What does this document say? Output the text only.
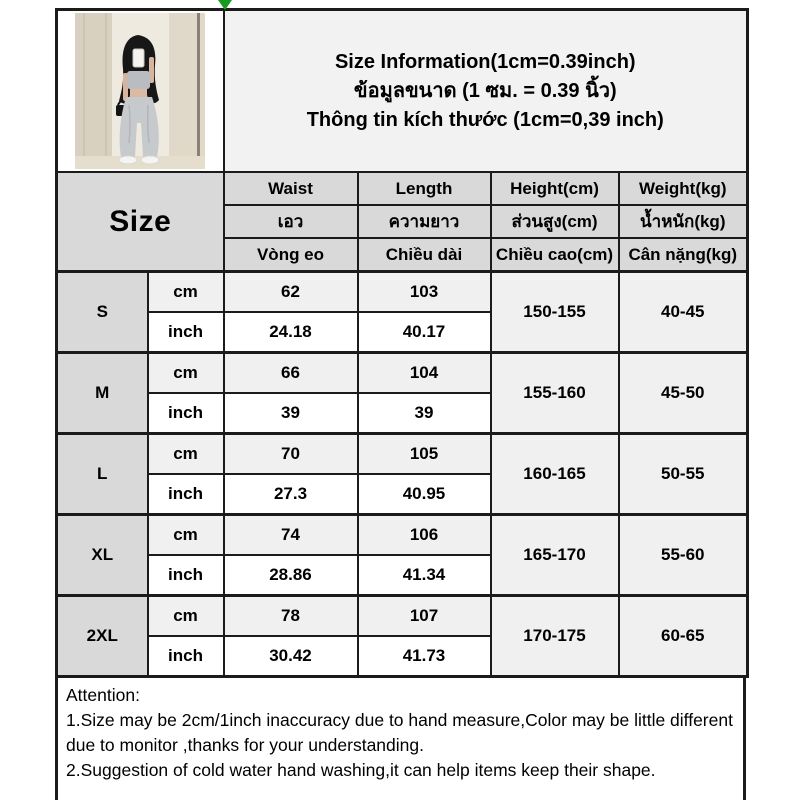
Size Information(1cm=0.39inch)
ข้อมูลขนาด (1 ซม. = 0.39 นิ้ว)
Thông tin kích thước (1cm=0,39 inch)			

Size		Waist	Length	Height(cm)	Weight(kg)
		เอว	ความยาว	ส่วนสูง(cm)	น้ำหนัก(kg)
		Vòng eo	Chiều dài	Chiều cao(cm)	Cân nặng(kg)
S	cm	62	103	150-155	40-45
	inch	24.18	40.17		
M	cm	66	104	155-160	45-50
	inch	39	39		
L	cm	70	105	160-165	50-55
	inch	27.3	40.95		
XL	cm	74	106	165-170	55-60
	inch	28.86	41.34		
2XL	cm	78	107	170-175	60-65
	inch	30.42	41.73		
Attention:
1.Size may be 2cm/1inch inaccuracy due to hand measure,Color may be little different
due to monitor ,thanks for your understanding.
2.Suggestion of cold water hand washing,it can help items keep their shape.
